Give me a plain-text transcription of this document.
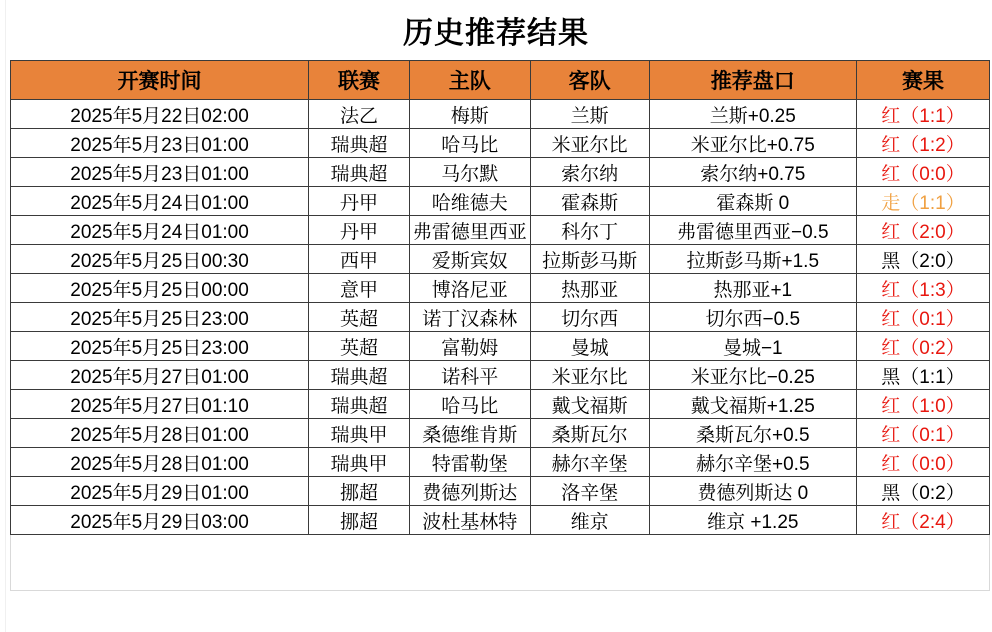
历史推荐结果
开赛时间	联赛	主队	客队	推荐盘口	赛果
2025年5月22日02:00	法乙	梅斯	兰斯	兰斯+0.25	红（1:1）
2025年5月23日01:00	瑞典超	哈马比	米亚尔比	米亚尔比+0.75	红（1:2）
2025年5月23日01:00	瑞典超	马尔默	索尔纳	索尔纳+0.75	红（0:0）
2025年5月24日01:00	丹甲	哈维德夫	霍森斯	霍森斯 0	走（1:1）
2025年5月24日01:00	丹甲	弗雷德里西亚	科尔丁	弗雷德里西亚−0.5	红（2:0）
2025年5月25日00:30	西甲	爱斯宾奴	拉斯彭马斯	拉斯彭马斯+1.5	黑（2:0）
2025年5月25日00:00	意甲	博洛尼亚	热那亚	热那亚+1	红（1:3）
2025年5月25日23:00	英超	诺丁汉森林	切尔西	切尔西−0.5	红（0:1）
2025年5月25日23:00	英超	富勒姆	曼城	曼城−1	红（0:2）
2025年5月27日01:00	瑞典超	诺科平	米亚尔比	米亚尔比−0.25	黑（1:1）
2025年5月27日01:10	瑞典超	哈马比	戴戈福斯	戴戈福斯+1.25	红（1:0）
2025年5月28日01:00	瑞典甲	桑德维肯斯	桑斯瓦尔	桑斯瓦尔+0.5	红（0:1）
2025年5月28日01:00	瑞典甲	特雷勒堡	赫尔辛堡	赫尔辛堡+0.5	红（0:0）
2025年5月29日01:00	挪超	费德列斯达	洛辛堡	费德列斯达 0	黑（0:2）
2025年5月29日03:00	挪超	波杜基林特	维京	维京 +1.25	红（2:4）
